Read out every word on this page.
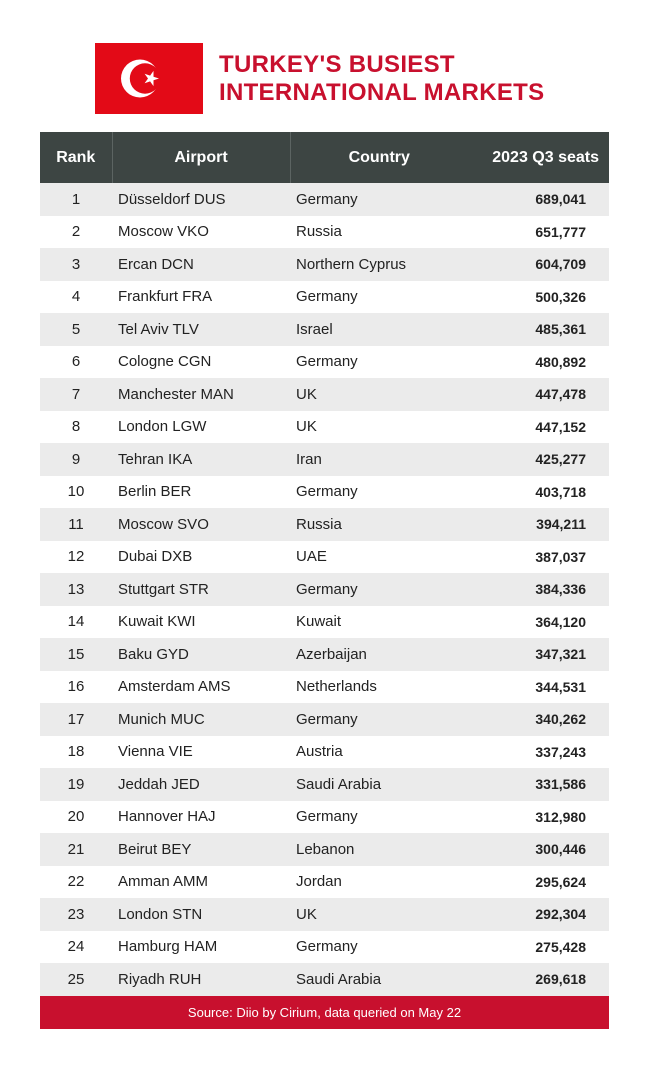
TURKEY'S BUSIEST
INTERNATIONAL MARKETS
Rank	Airport	Country	2023 Q3 seats
1	Düsseldorf DUS	Germany	689,041
2	Moscow VKO	Russia	651,777
3	Ercan DCN	Northern Cyprus	604,709
4	Frankfurt FRA	Germany	500,326
5	Tel Aviv TLV	Israel	485,361
6	Cologne CGN	Germany	480,892
7	Manchester MAN	UK	447,478
8	London LGW	UK	447,152
9	Tehran IKA	Iran	425,277
10	Berlin BER	Germany	403,718
11	Moscow SVO	Russia	394,211
12	Dubai DXB	UAE	387,037
13	Stuttgart STR	Germany	384,336
14	Kuwait KWI	Kuwait	364,120
15	Baku GYD	Azerbaijan	347,321
16	Amsterdam AMS	Netherlands	344,531
17	Munich MUC	Germany	340,262
18	Vienna VIE	Austria	337,243
19	Jeddah JED	Saudi Arabia	331,586
20	Hannover HAJ	Germany	312,980
21	Beirut BEY	Lebanon	300,446
22	Amman AMM	Jordan	295,624
23	London STN	UK	292,304
24	Hamburg HAM	Germany	275,428
25	Riyadh RUH	Saudi Arabia	269,618
Source: Diio by Cirium, data queried on May 22
